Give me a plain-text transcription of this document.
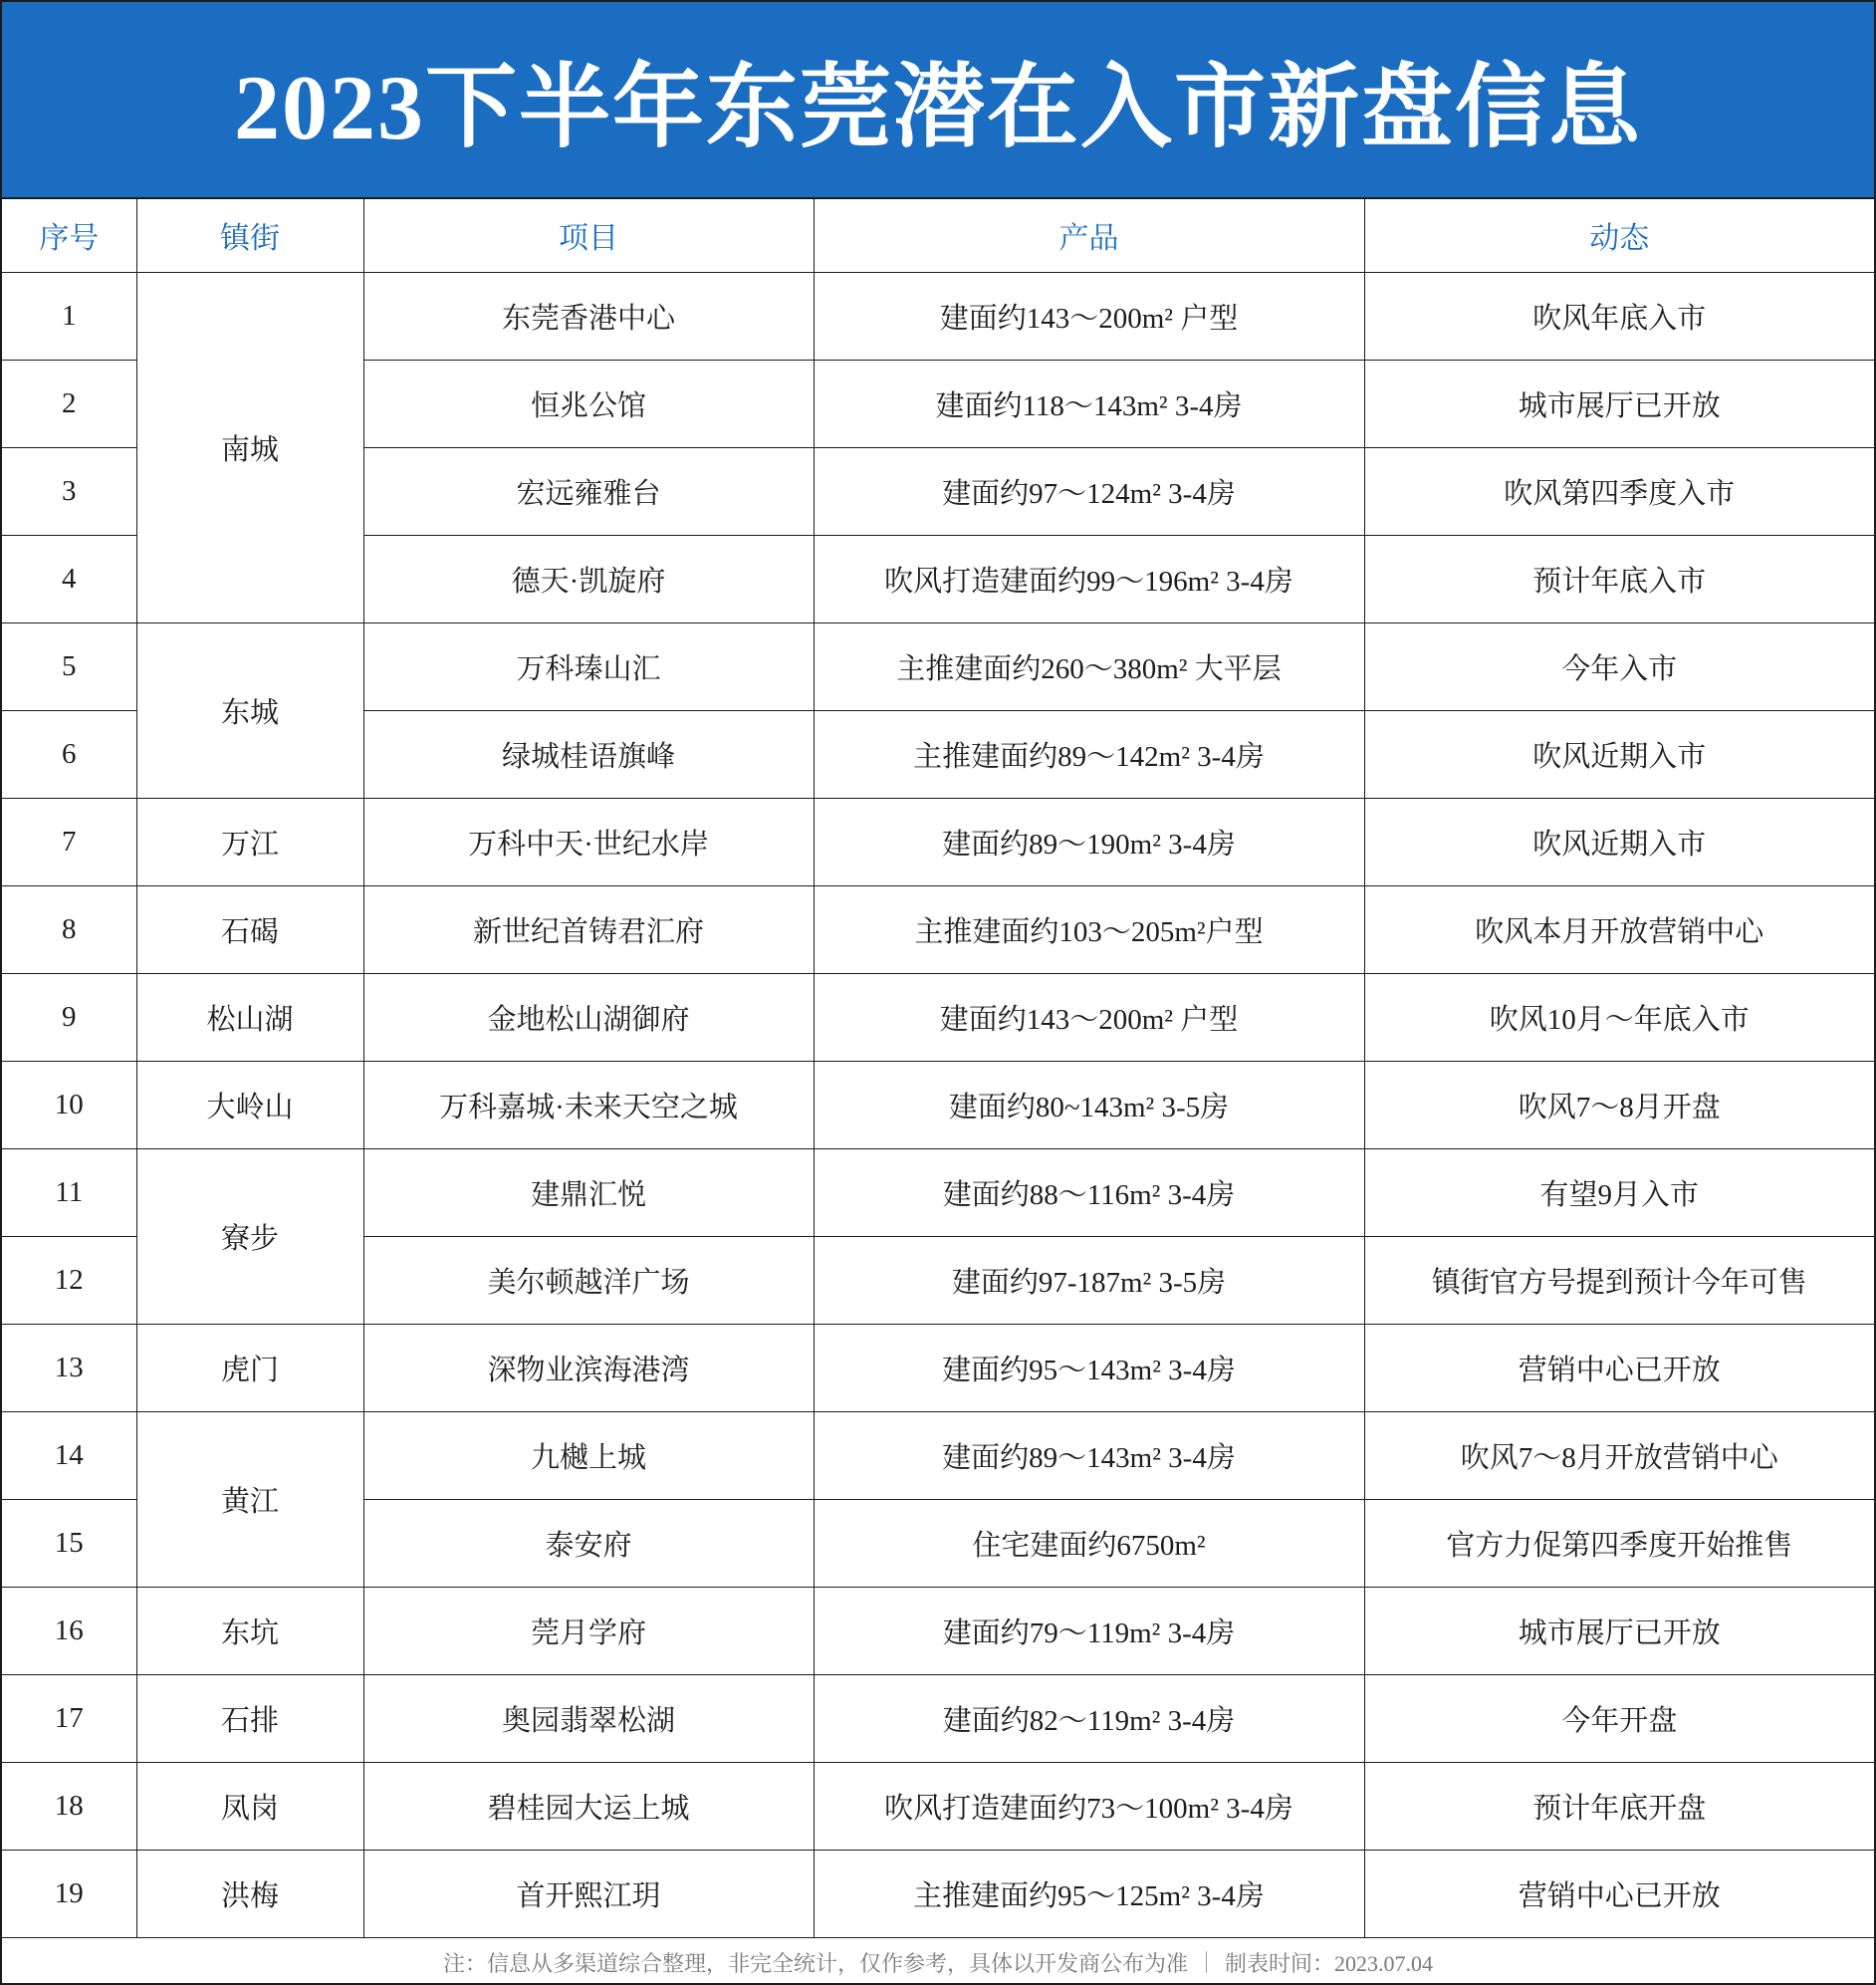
2023下半年东莞潜在入市新盘信息
序号	镇街	项目	产品	动态
1	南城	东莞香港中心	建面约143～200m² 户型	吹风年底入市
2		恒兆公馆	建面约118～143m² 3-4房	城市展厅已开放
3		宏远雍雅台	建面约97～124m² 3-4房	吹风第四季度入市
4		德天·凯旋府	吹风打造建面约99～196m² 3-4房	预计年底入市
5	东城	万科瑧山汇	主推建面约260～380m² 大平层	今年入市
6		绿城桂语旗峰	主推建面约89～142m² 3-4房	吹风近期入市
7	万江	万科中天·世纪水岸	建面约89～190m² 3-4房	吹风近期入市
8	石碣	新世纪首铸君汇府	主推建面约103～205m²户型	吹风本月开放营销中心
9	松山湖	金地松山湖御府	建面约143～200m² 户型	吹风10月～年底入市
10	大岭山	万科嘉城·未来天空之城	建面约80~143m² 3-5房	吹风7～8月开盘
11	寮步	建鼎汇悦	建面约88～116m² 3-4房	有望9月入市
12		美尔顿越洋广场	建面约97-187m² 3-5房	镇街官方号提到预计今年可售
13	虎门	深物业滨海港湾	建面约95～143m² 3-4房	营销中心已开放
14	黄江	九樾上城	建面约89～143m² 3-4房	吹风7～8月开放营销中心
15		泰安府	住宅建面约6750m²	官方力促第四季度开始推售
16	东坑	莞月学府	建面约79～119m² 3-4房	城市展厅已开放
17	石排	奥园翡翠松湖	建面约82～119m² 3-4房	今年开盘
18	凤岗	碧桂园大运上城	吹风打造建面约73～100m² 3-4房	预计年底开盘
19	洪梅	首开熙江玥	主推建面约95～125m² 3-4房	营销中心已开放
注：信息从多渠道综合整理，非完全统计，仅作参考，具体以开发商公布为准 制表时间：2023.07.04
